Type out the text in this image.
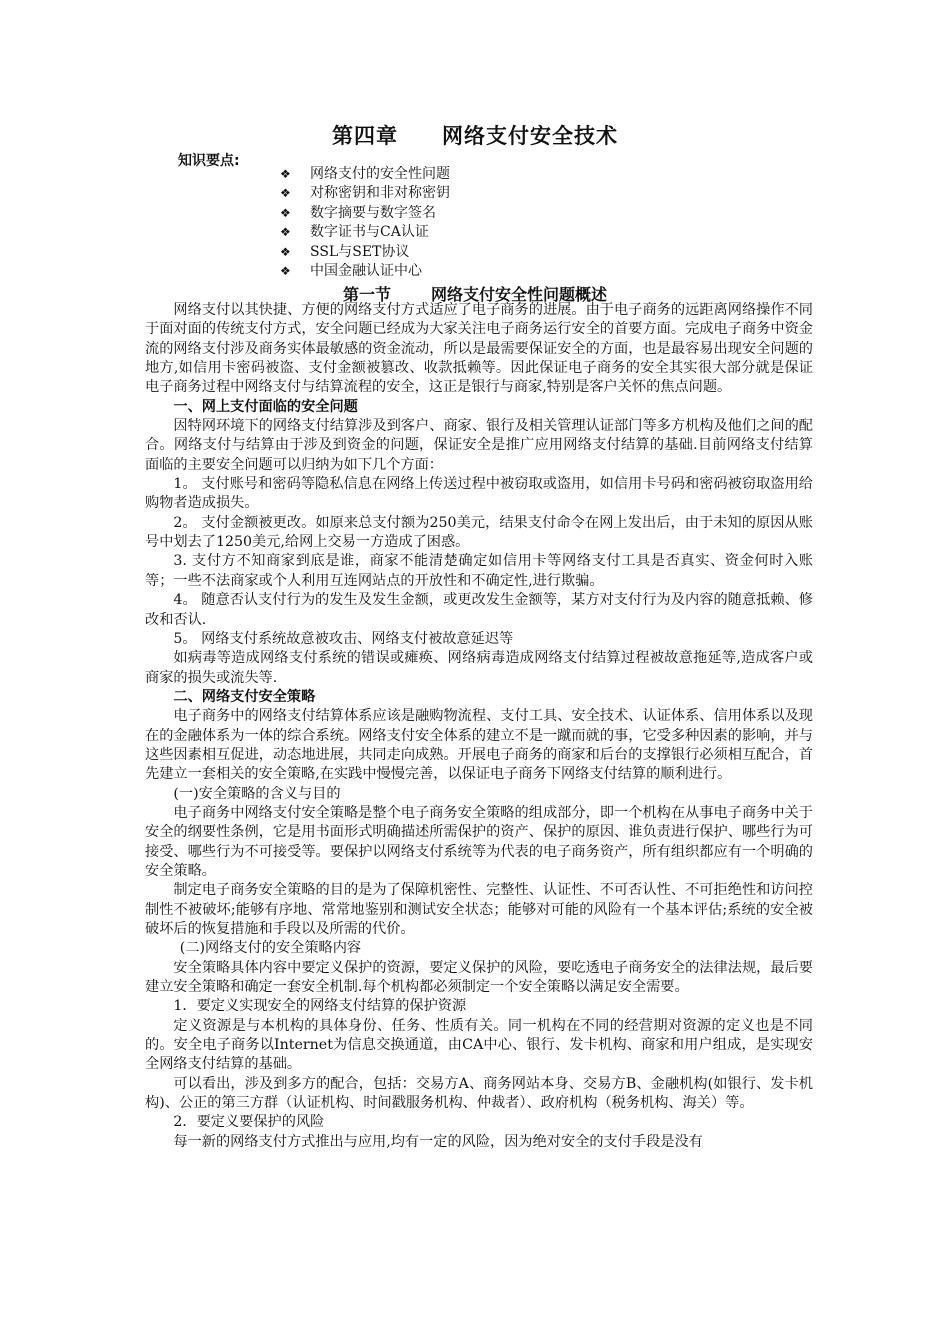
第四章 网络支付安全技术
知识要点:
❖ 网络支付的安全性问题
❖ 对称密钥和非对称密钥
❖ 数字摘要与数字签名
❖ 数字证书与CA认证
❖ SSL与SET协议
❖ 中国金融认证中心
第一节	网络支付安全性问题概述

网络支付以其快捷、方便的网络支付方式适应了电子商务的进展。由于电子商务的远距离网络操作不同于面对面的传统支付方式，安全问题已经成为大家关注电子商务运行安全的首要方面。完成电子商务中资金流的网络支付涉及商务实体最敏感的资金流动，所以是最需要保证安全的方面，也是最容易出现安全问题的地方,如信用卡密码被盗、支付金额被篡改、收款抵赖等。因此保证电子商务的安全其实很大部分就是保证电子商务过程中网络支付与结算流程的安全，这正是银行与商家,特别是客户关怀的焦点问题。

一、网上支付面临的安全问题

因特网环境下的网络支付结算涉及到客户、商家、银行及相关管理认证部门等多方机构及他们之间的配合。网络支付与结算由于涉及到资金的问题，保证安全是推广应用网络支付结算的基础.目前网络支付结算面临的主要安全问题可以归纳为如下几个方面：

1。 支付账号和密码等隐私信息在网络上传送过程中被窃取或盗用，如信用卡号码和密码被窃取盗用给购物者造成损失。

2。 支付金额被更改。如原来总支付额为250美元，结果支付命令在网上发出后，由于未知的原因从账号中划去了1250美元,给网上交易一方造成了困惑。

3. 支付方不知商家到底是谁，商家不能清楚确定如信用卡等网络支付工具是否真实、资金何时入账等；一些不法商家或个人利用互连网站点的开放性和不确定性,进行欺骗。

4。 随意否认支付行为的发生及发生金额，或更改发生金额等，某方对支付行为及内容的随意抵赖、修改和否认.

5。 网络支付系统故意被攻击、网络支付被故意延迟等

如病毒等造成网络支付系统的错误或瘫痪、网络病毒造成网络支付结算过程被故意拖延等,造成客户或商家的损失或流失等.

二、网络支付安全策略

电子商务中的网络支付结算体系应该是融购物流程、支付工具、安全技术、认证体系、信用体系以及现在的金融体系为一体的综合系统。网络支付安全体系的建立不是一蹴而就的事，它受多种因素的影响，并与这些因素相互促进，动态地进展，共同走向成熟。开展电子商务的商家和后台的支撑银行必须相互配合，首先建立一套相关的安全策略,在实践中慢慢完善，以保证电子商务下网络支付结算的顺利进行。

(一)安全策略的含义与目的

电子商务中网络支付安全策略是整个电子商务安全策略的组成部分，即一个机构在从事电子商务中关于安全的纲要性条例，它是用书面形式明确描述所需保护的资产、保护的原因、谁负责进行保护、哪些行为可接受、哪些行为不可接受等。要保护以网络支付系统等为代表的电子商务资产，所有组织都应有一个明确的安全策略。

制定电子商务安全策略的目的是为了保障机密性、完整性、认证性、不可否认性、不可拒绝性和访问控制性不被破坏;能够有序地、常常地鉴别和测试安全状态；能够对可能的风险有一个基本评估;系统的安全被破坏后的恢复措施和手段以及所需的代价。

(二)网络支付的安全策略内容

安全策略具体内容中要定义保护的资源，要定义保护的风险，要吃透电子商务安全的法律法规，最后要建立安全策略和确定一套安全机制.每个机构都必须制定一个安全策略以满足安全需要。

1．要定义实现安全的网络支付结算的保护资源

定义资源是与本机构的具体身份、任务、性质有关。同一机构在不同的经营期对资源的定义也是不同的。安全电子商务以Internet为信息交换通道，由CA中心、银行、发卡机构、商家和用户组成，是实现安全网络支付结算的基础。

可以看出，涉及到多方的配合，包括：交易方A、商务网站本身、交易方B、金融机构(如银行、发卡机构)、公正的第三方群（认证机构、时间戳服务机构、仲裁者）、政府机构（税务机构、海关）等。

2．要定义要保护的风险

每一新的网络支付方式推出与应用,均有一定的风险，因为绝对安全的支付手段是没有
